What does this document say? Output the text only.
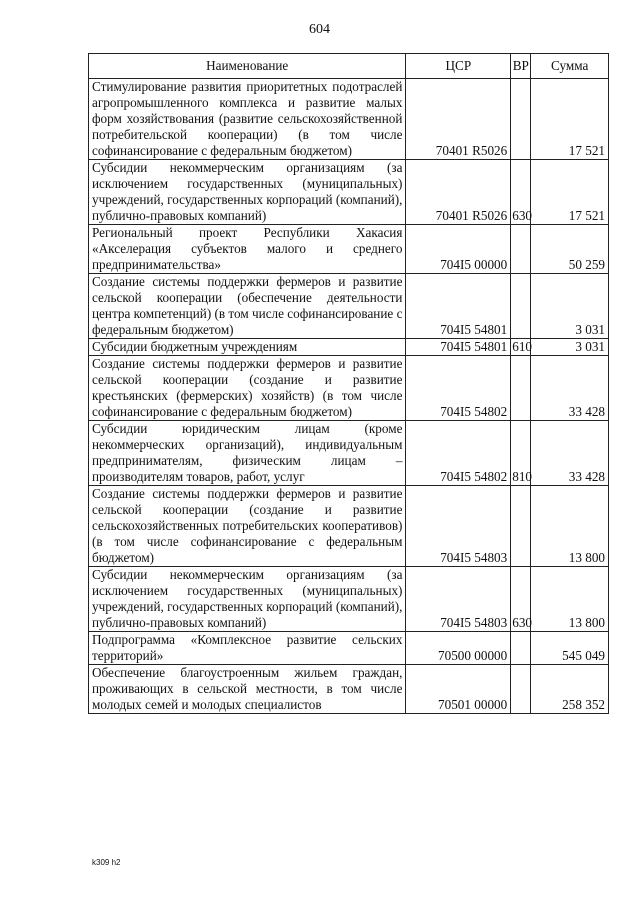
604
Наименование	ЦСР	ВР	Сумма
Стимулирование развития приоритетных подотраслей агропромышленного комплекса и развитие малых форм хозяйствования (развитие сельскохозяйственной потребительской кооперации) (в том числе софинансирование с федеральным бюджетом)	70401 R5026		17 521
Субсидии некоммерческим организациям (за исключением государственных (муниципальных) учреждений, государственных корпораций (компаний), публично-правовых компаний)	70401 R5026	630	17 521
Региональный проект Республики Хакасия «Акселерация субъектов малого и среднего предпринимательства»	704I5 00000		50 259
Создание системы поддержки фермеров и развитие сельской кооперации (обеспечение деятельности центра компетенций) (в том числе софинансирование с федеральным бюджетом)	704I5 54801		3 031
Субсидии бюджетным учреждениям	704I5 54801	610	3 031
Создание системы поддержки фермеров и развитие сельской кооперации (создание и развитие крестьянских (фермерских) хозяйств) (в том числе софинансирование с федеральным бюджетом)	704I5 54802		33 428
Субсидии юридическим лицам (кроме некоммерческих организаций), индивидуальным предпринимателям, физическим лицам – производителям товаров, работ, услуг	704I5 54802	810	33 428
Создание системы поддержки фермеров и развитие сельской кооперации (создание и развитие сельскохозяйственных потребительских кооперативов) (в том числе софинансирование с федеральным бюджетом)	704I5 54803		13 800
Субсидии некоммерческим организациям (за исключением государственных (муниципальных) учреждений, государственных корпораций (компаний), публично-правовых компаний)	704I5 54803	630	13 800
Подпрограмма «Комплексное развитие сельских территорий»	70500 00000		545 049
Обеспечение благоустроенным жильем граждан, проживающих в сельской местности, в том числе молодых семей и молодых специалистов	70501 00000		258 352
k309 h2
